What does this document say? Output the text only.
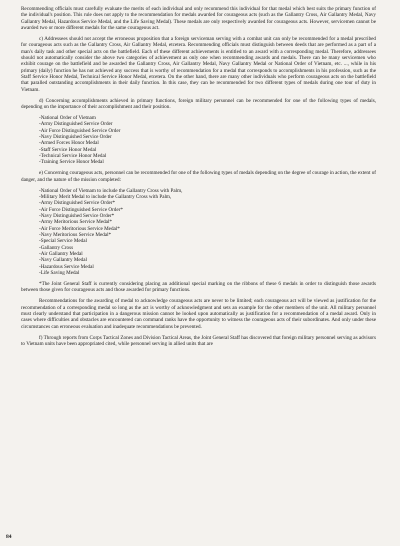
Recommending officials must carefully evaluate the merits of each individual and only recommend this individual for that medal which best suits the primary function of the individual's position. This rule does not apply to the recommendation for medals awarded for courageous acts (such as the Gallantry Cross, Air Gallantry Medal, Navy Gallantry Medal, Hazardous Service Medal, and the Life Saving Medal). These medals are only respectively awarded for courageous acts. However, servicemen cannot be awarded two or more different medals for the same courageous act.

c) Addressees should not accept the erroneous proposition that a foreign serviceman serving with a combat unit can only be recommended for a medal prescribed for courageous acts such as the Gallantry Cross, Air Gallantry Medal, etcetera. Recommending officials must distinguish between deeds that are performed as a part of a man's daily task and other special acts on the battlefield. Each of these different achievements is entitled to an award with a corresponding medal. Therefore, addressees should not automatically consider the above two categories of achievement as only one when recommending awards and medals. There can be many servicemen who exhibit courage on the battlefield and be awarded the Gallantry Cross, Air Gallantry Medal, Navy Gallantry Medal or National Order of Vietnam, etc. ..., while in his primary (daily) function he has not achieved any success that is worthy of recommendation for a medal that corresponds to accomplishments in his profession, such as the Staff Service Honor Medal, Technical Service Honor Medal, etcetera. On the other hand, there are many other individuals who perform courageous acts on the battlefield that paralled outstanding accomplishments in their daily function. In this case, they can be recommended for two different types of medals during one tour of duty in Vietnam.

d) Concerning accomplishments achieved in primary functions, foreign military personnel can be recommended for one of the following types of medals, depending on the importance of their accomplishment and their position.

-National Order of Vietnam
-Army Distinguished Service Order
-Air Force Distinguished Service Order
-Navy Distinguished Service Order
-Armed Forces Honor Medal
-Staff Service Honor Medal
-Technical Service Honor Medal
-Training Service Honor Medal

e) Concerning courageous acts, personnel can be recommended for one of the following types of medals depending on the degree of courage in action, the extent of danger, and the nature of the mission completed:

-National Order of Vietnam to include the Gallantry Cross with Palm,
-Military Merit Medal to include the Gallantry Cross with Palm,
-Army Distinguished Service Order*
-Air Force Distinguished Service Order*
-Navy Distinguished Service Order*
-Army Meritorious Service Medal*
-Air Force Meritorious Service Medal*
-Navy Meritorious Service Medal*
-Special Service Medal
-Gallantry Cross
-Air Gallantry Medal
-Navy Gallantry Medal
-Hazardous Service Medal
-Life Saving Medal

*The Joint General Staff is currently considering placing an additional special marking on the ribbons of these 6 medals in order to distinguish those awards between those given for courageous acts and those awarded for primary functions.

Recommendations for the awarding of medal to acknowledge courageous acts are never to be limited; each courageous act will be viewed as justification for the recommendation of a corresponding medal so long as the act is worthy of acknowledgment and sets an example for the other members of the unit. All military personnel must clearly understand that participation in a dangerous mission cannot be looked upon automatically as justification for a recommendation of a medal award. Only in cases where difficulties and obstacles are encountered can command ranks have the opportunity to witness the courageous acts of their subordinates. And only under these circumstances can erroneous evaluation and inadequate recommendations be prevented.

f) Through reports from Corps Tactical Zones and Division Tactical Areas, the Joint General Staff has discovered that foreign military personnel serving as advisors to Vietnam units have been appropriated cited, while personnel serving in allied units that are

84
